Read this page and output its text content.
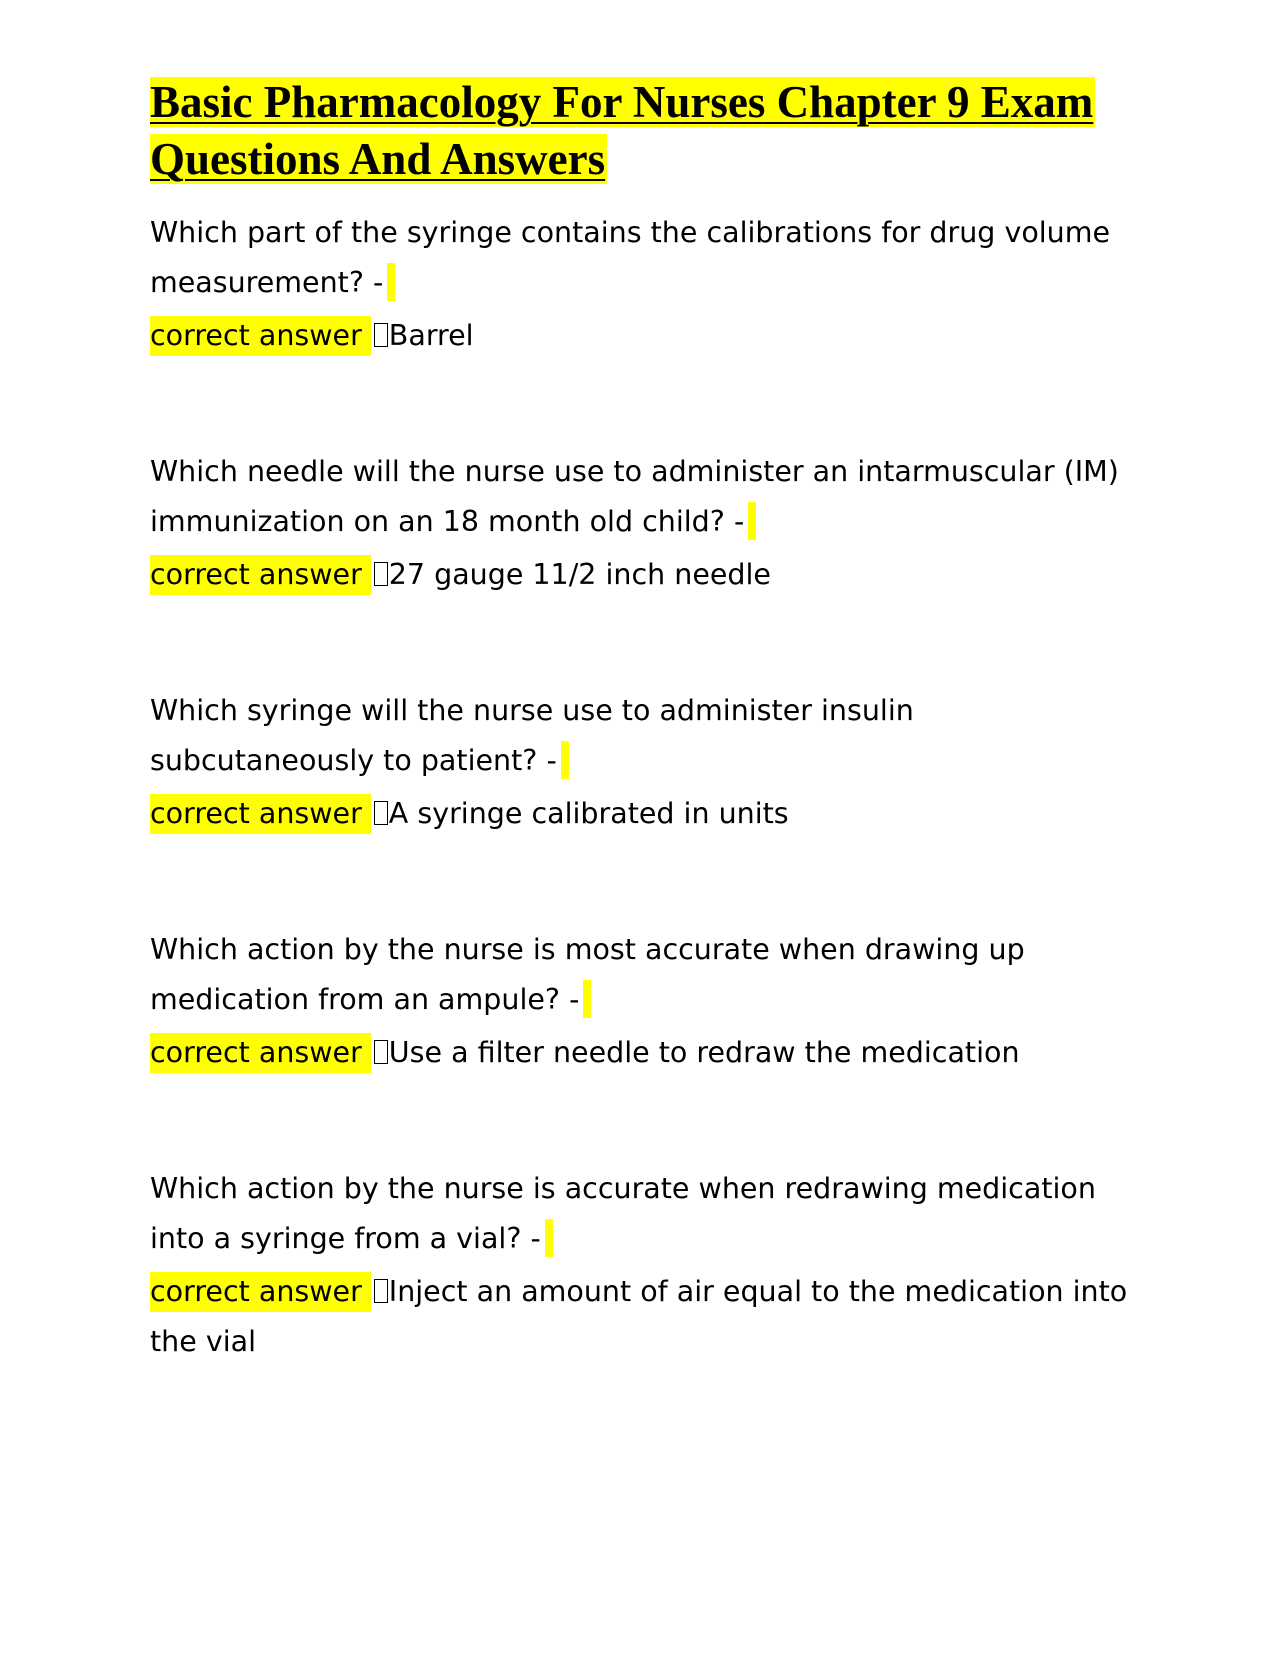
Basic Pharmacology For Nurses Chapter 9 Exam Questions And Answers

Which part of the syringe contains the calibrations for drug volume measurement? -

correct answer Barrel

Which needle will the nurse use to administer an intarmuscular (IM) immunization on an 18 month old child? -

correct answer 27 gauge 11/2 inch needle

Which syringe will the nurse use to administer insulin subcutaneously to patient? -

correct answer A syringe calibrated in units

Which action by the nurse is most accurate when drawing up medication from an ampule? -

correct answer Use a filter needle to redraw the medication

Which action by the nurse is accurate when redrawing medication into a syringe from a vial? -

correct answer Inject an amount of air equal to the medication into the vial
